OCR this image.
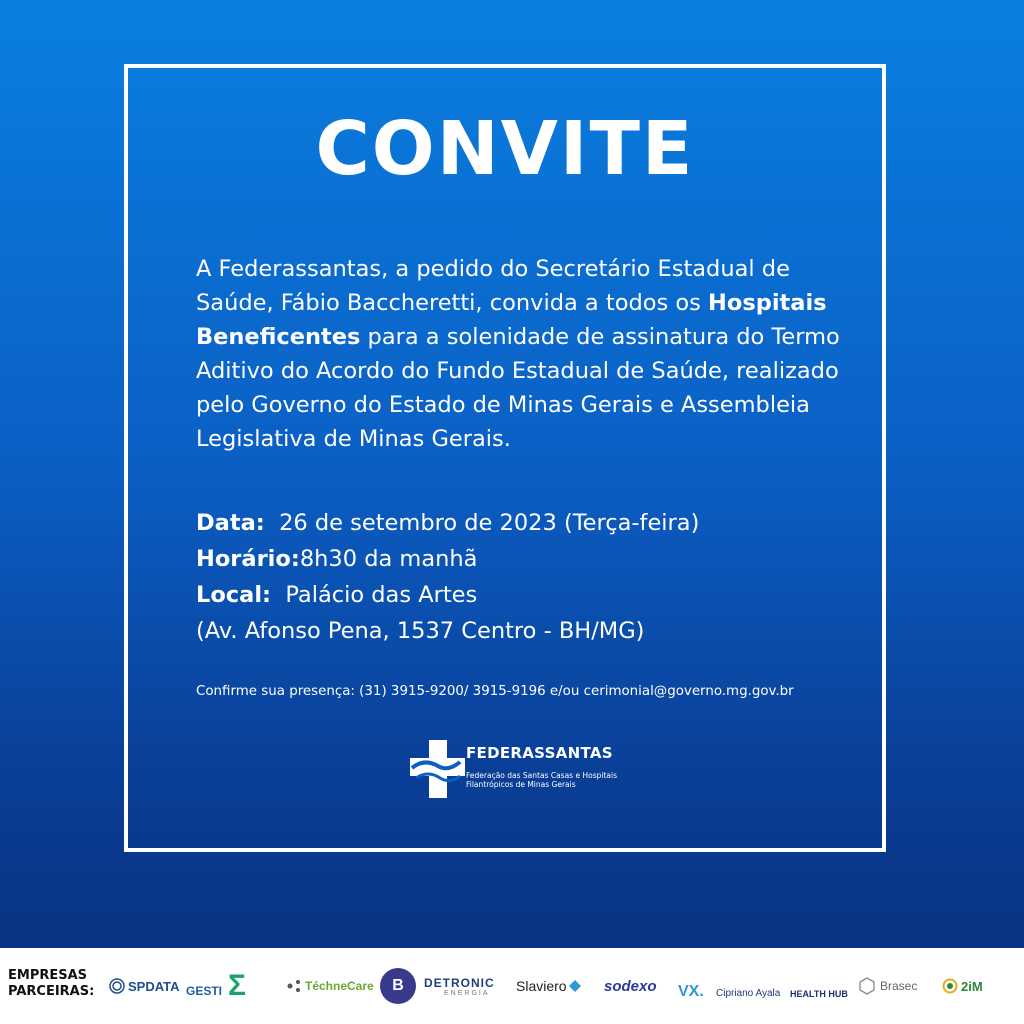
CONVITE
A Federassantas, a pedido do Secretário Estadual de Saúde, Fábio Baccheretti, convida a todos os Hospitais Beneficentes para a solenidade de assinatura do Termo Aditivo do Acordo do Fundo Estadual de Saúde, realizado pelo Governo do Estado de Minas Gerais e Assembleia Legislativa de Minas Gerais.
Data: 26 de setembro de 2023 (Terça-feira)
Horário:8h30 da manhã
Local: Palácio das Artes
(Av. Afonso Pena, 1537 Centro - BH/MG)
Confirme sua presença: (31) 3915-9200/ 3915-9196 e/ou cerimonial@governo.mg.gov.br
FEDERASSANTAS
Federação das Santas Casas e Hospitais Filantrópicos de Minas Gerais
EMPRESAS
PARCEIRAS:	SPDATA GESTI Σ	TéchneCare	B	DETRONIC
ENERGIA Slaviero sodexo VX. Cipriano Ayala HEALTH HUB
Brasec	2iM
